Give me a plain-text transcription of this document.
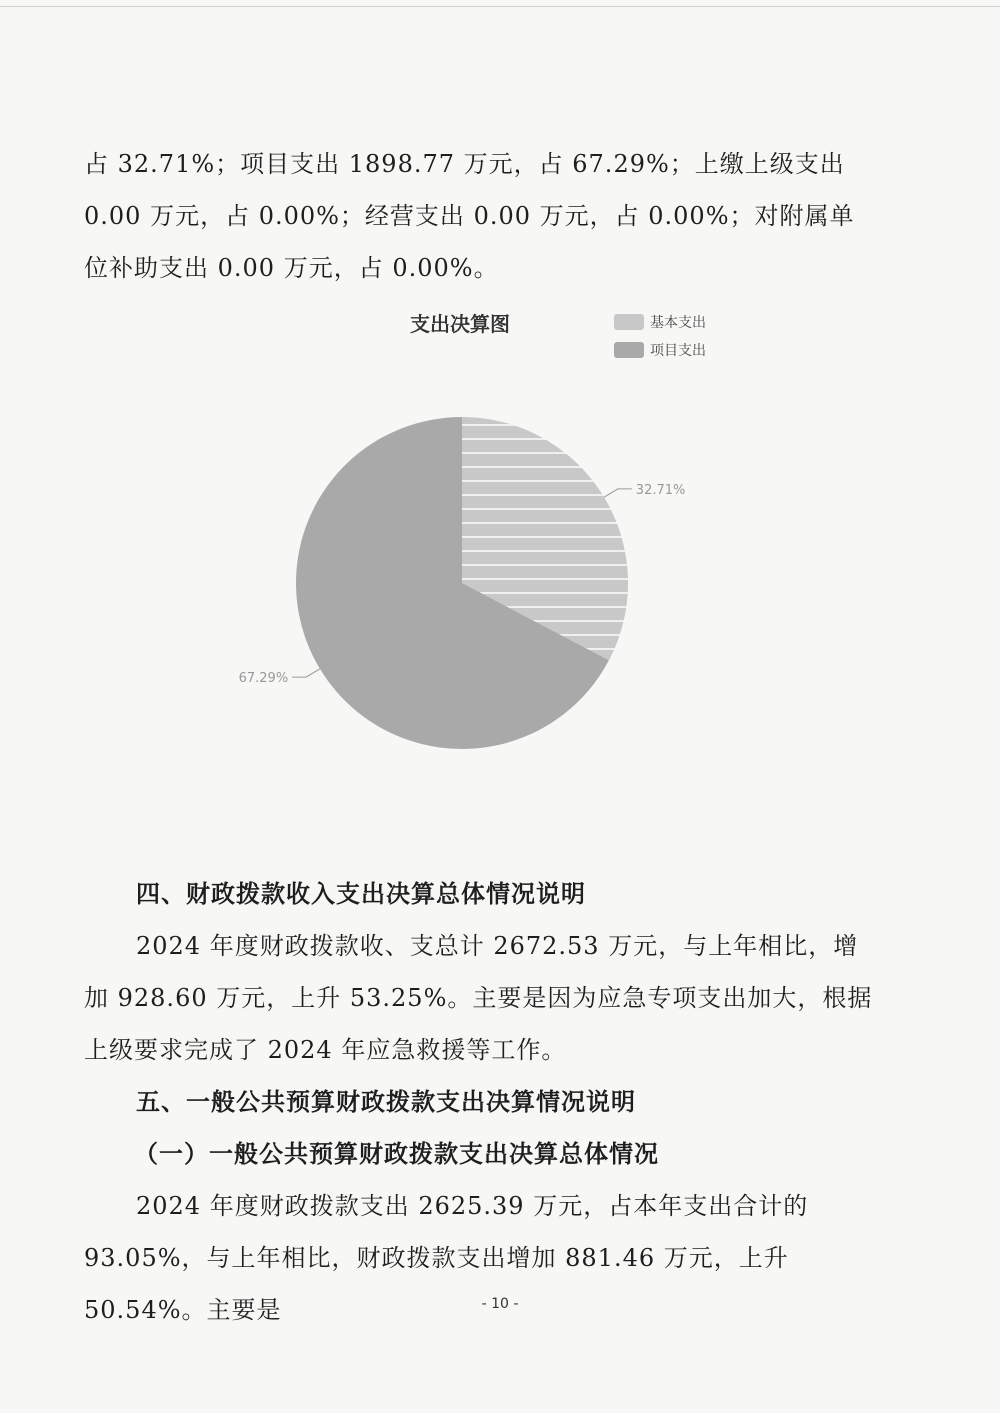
占 32.71%；项目支出 1898.77 万元，占 67.29%；上缴上级支出 0.00 万元，占 0.00%；经营支出 0.00 万元，占 0.00%；对附属单位补助支出 0.00 万元，占 0.00%。

支出决算图	基本支出
项目支出
32.71%
67.29%

四、财政拨款收入支出决算总体情况说明

2024 年度财政拨款收、支总计 2672.53 万元，与上年相比，增加 928.60 万元，上升 53.25%。主要是因为应急专项支出加大，根据上级要求完成了 2024 年应急救援等工作。

五、一般公共预算财政拨款支出决算情况说明

（一）一般公共预算财政拨款支出决算总体情况

2024 年度财政拨款支出 2625.39 万元，占本年支出合计的 93.05%，与上年相比，财政拨款支出增加 881.46 万元，上升 50.54%。主要是	- 10 -
